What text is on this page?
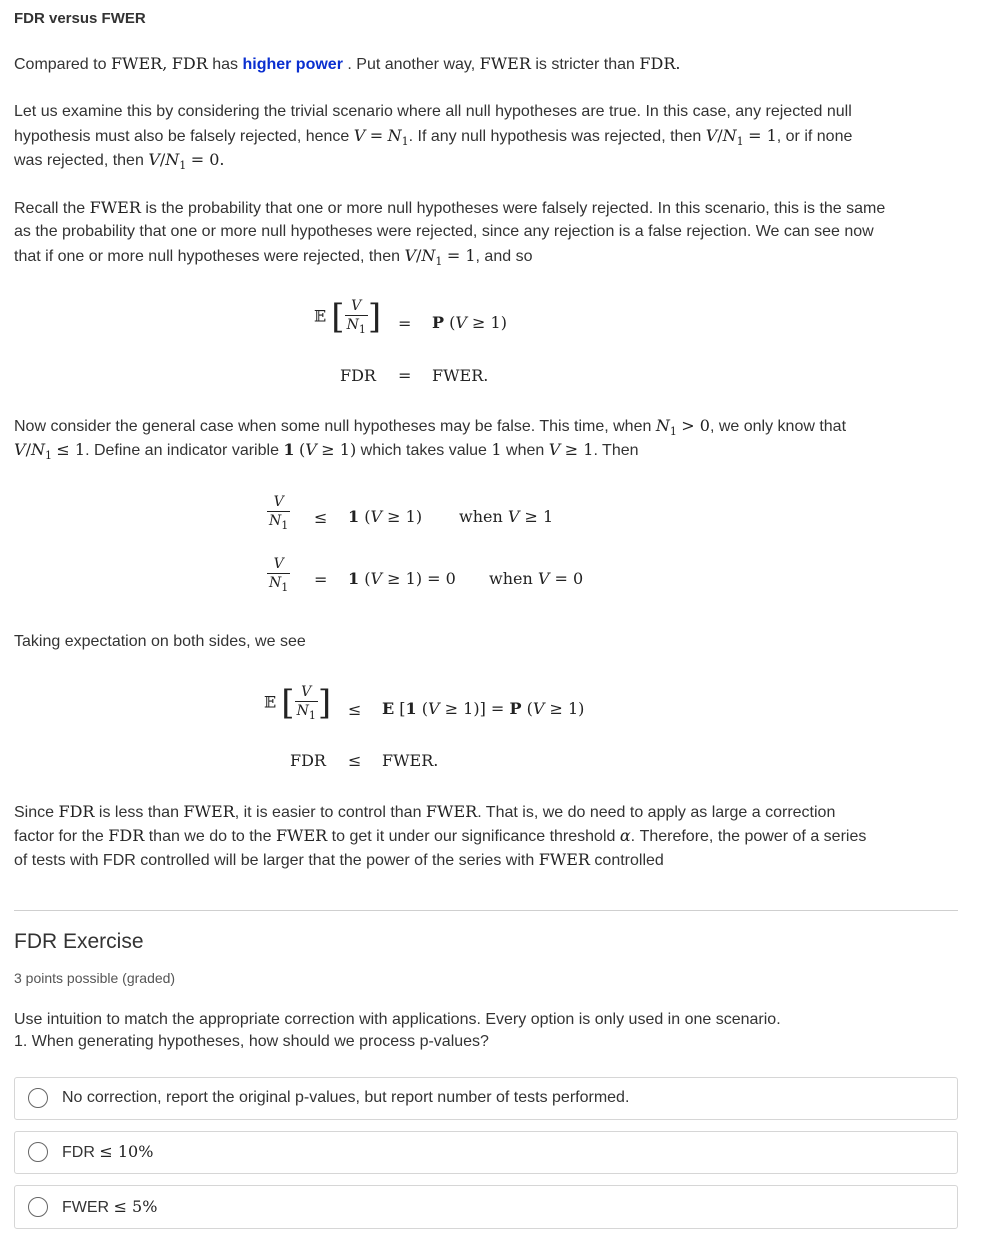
FDR versus FWER
Compared to FWER, FDR has higher power . Put another way, FWER is stricter than FDR.
Let us examine this by considering the trivial scenario where all null hypotheses are true. In this case, any rejected null
hypothesis must also be falsely rejected, hence $V = N_1$. If any null hypothesis was rejected, then $V/N_1 = 1$, or if none
was rejected, then $V/N_1 = 0$.
Recall the FWER is the probability that one or more null hypotheses were falsely rejected. In this scenario, this is the same
as the probability that one or more null hypotheses were rejected, since any rejection is a false rejection. We can see now
that if one or more null hypotheses were rejected, then $V/N_1 = 1$, and so
𝔼 [ $\frac{V}{N_1}$ ] = P (V ≥ 1)
FDR = FWER.
Now consider the general case when some null hypotheses may be false. This time, when $N_1 > 0$, we only know that
$V/N_1 \le 1$. Define an indicator varible 1 (V ≥ 1) which takes value 1 when V ≥ 1. Then
$\frac{V}{N_1} \le 1$ (V ≥ 1) when V ≥ 1
$\frac{V}{N_1} = 1$ (V ≥ 1) = 0 when V = 0
Taking expectation on both sides, we see
𝔼 [ $\frac{V}{N_1}$ ] ≤ E [1 (V ≥ 1)] = P (V ≥ 1)
FDR ≤ FWER.
Since FDR is less than FWER, it is easier to control than FWER. That is, we do need to apply as large a correction
factor for the FDR than we do to the FWER to get it under our significance threshold α. Therefore, the power of a series
of tests with FDR controlled will be larger that the power of the series with FWER controlled
FDR Exercise
3 points possible (graded)
Use intuition to match the appropriate correction with applications. Every option is only used in one scenario.
1. When generating hypotheses, how should we process p-values?
No correction, report the original p-values, but report number of tests performed.
FDR ≤ 10%
FWER ≤ 5%
